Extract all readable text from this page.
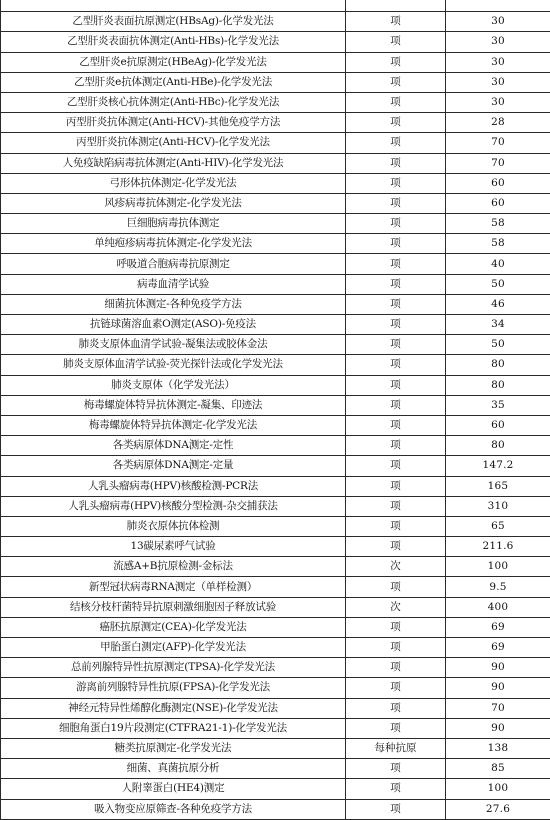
乙型肝炎表面抗原测定(HBsAg)-化学发光法	项	30
乙型肝炎表面抗体测定(Anti-HBs)-化学发光法	项	30
乙型肝炎e抗原测定(HBeAg)-化学发光法	项	30
乙型肝炎e抗体测定(Anti-HBe)-化学发光法	项	30
乙型肝炎核心抗体测定(Anti-HBc)-化学发光法	项	30
丙型肝炎抗体测定(Anti-HCV)-其他免疫学方法	项	28
丙型肝炎抗体测定(Anti-HCV)-化学发光法	项	70
人免疫缺陷病毒抗体测定(Anti-HIV)-化学发光法	项	70
弓形体抗体测定-化学发光法	项	60
风疹病毒抗体测定-化学发光法	项	60
巨细胞病毒抗体测定	项	58
单纯疱疹病毒抗体测定-化学发光法	项	58
呼吸道合胞病毒抗原测定	项	40
病毒血清学试验	项	50
细菌抗体测定-各种免疫学方法	项	46
抗链球菌溶血素O测定(ASO)-免疫法	项	34
肺炎支原体血清学试验-凝集法或胶体金法	项	50
肺炎支原体血清学试验-荧光探针法或化学发光法	项	80
肺炎支原体（化学发光法）	项	80
梅毒螺旋体特异抗体测定-凝集、印迹法	项	35
梅毒螺旋体特异抗体测定-化学发光法	项	60
各类病原体DNA测定-定性	项	80
各类病原体DNA测定-定量	项	147.2
人乳头瘤病毒(HPV)核酸检测-PCR法	项	165
人乳头瘤病毒(HPV)核酸分型检测-杂交捕获法	项	310
肺炎衣原体抗体检测	项	65
13碳尿素呼气试验	项	211.6
流感A+B抗原检测-金标法	次	100
新型冠状病毒RNA测定（单样检测）	项	9.5
结核分枝杆菌特异抗原刺激细胞因子释放试验	次	400
癌胚抗原测定(CEA)-化学发光法	项	69
甲胎蛋白测定(AFP)-化学发光法	项	69
总前列腺特异性抗原测定(TPSA)-化学发光法	项	90
游离前列腺特异性抗原(FPSA)-化学发光法	项	90
神经元特异性烯醇化酶测定(NSE)-化学发光法	项	70
细胞角蛋白19片段测定(CTFRA21-1)-化学发光法	项	90
糖类抗原测定-化学发光法	每种抗原	138
细菌、真菌抗原分析	项	85
人附睾蛋白(HE4)测定	项	100
吸入物变应原筛查-各种免疫学方法	项	27.6
